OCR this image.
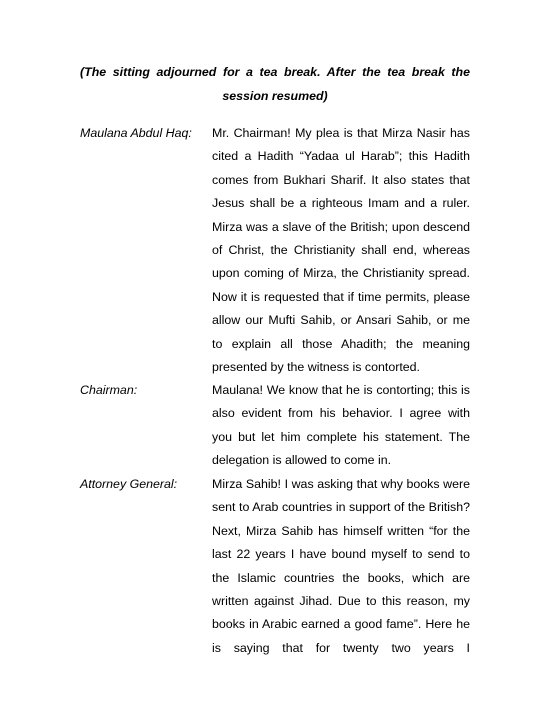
(The sitting adjourned for a tea break. After the tea break the session resumed)

Maulana Abdul Haq:	Mr. Chairman! My plea is that Mirza Nasir has cited a Hadith “Yadaa ul Harab”; this Hadith comes from Bukhari Sharif. It also states that Jesus shall be a righteous Imam and a ruler. Mirza was a slave of the British; upon descend of Christ, the Christianity shall end, whereas upon coming of Mirza, the Christianity spread. Now it is requested that if time permits, please allow our Mufti Sahib, or Ansari Sahib, or me to explain all those Ahadith; the meaning presented by the witness is contorted.
Chairman:	Maulana! We know that he is contorting; this is also evident from his behavior. I agree with you but let him complete his statement. The delegation is allowed to come in.
Attorney General:	Mirza Sahib! I was asking that why books were sent to Arab countries in support of the British? Next, Mirza Sahib has himself written “for the last 22 years I have bound myself to send to the Islamic countries the books, which are written against Jihad. Due to this reason, my books in Arabic earned a good fame”. Here he is saying that for twenty two years I
